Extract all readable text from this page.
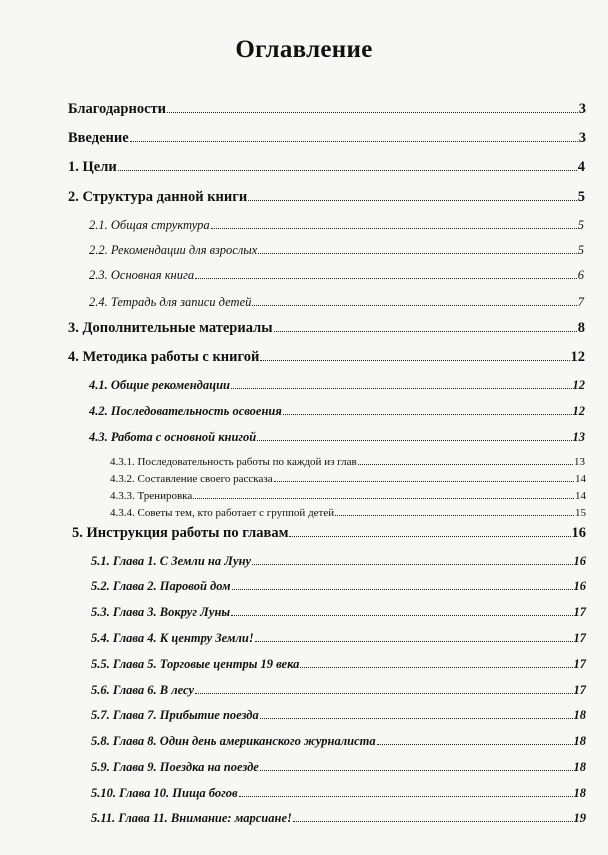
Оглавление
Благодарности	3
Введение	3
1. Цели	4
2. Структура данной книги	5
2.1. Общая структура	5
2.2. Рекомендации для взрослых	5
2.3. Основная книга	6
2.4. Тетрадь для записи детей	7
3. Дополнительные материалы	8
4. Методика работы с книгой	12
4.1. Общие рекомендации	12
4.2. Последовательность освоения	12
4.3. Работа с основной книгой	13
4.3.1. Последовательность работы по каждой из глав	13
4.3.2. Составление своего рассказа	14
4.3.3. Тренировка	14
4.3.4. Советы тем, кто работает с группой детей	15
5. Инструкция работы по главам	16
5.1. Глава 1. С Земли на Луну	16
5.2. Глава 2. Паровой дом	16
5.3. Глава 3. Вокруг Луны	17
5.4. Глава 4. К центру Земли!	17
5.5. Глава 5. Торговые центры 19 века	17
5.6. Глава 6. В лесу	17
5.7. Глава 7. Прибытие поезда	18
5.8. Глава 8. Один день американского журналиста	18
5.9. Глава 9. Поездка на поезде	18
5.10. Глава 10. Пища богов	18
5.11. Глава 11. Внимание: марсиане!	19
